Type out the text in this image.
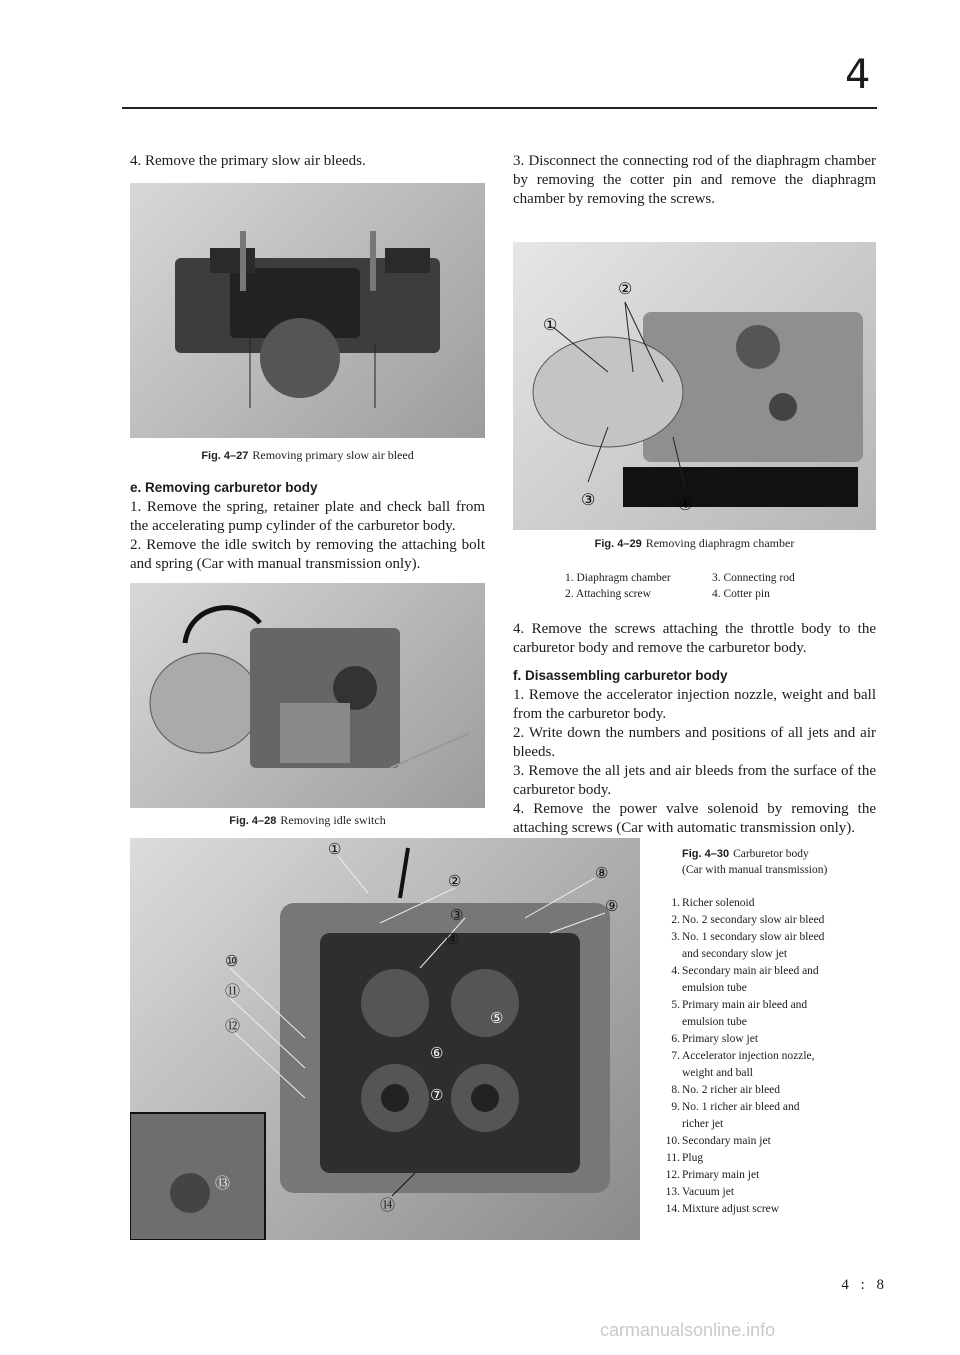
4
4. Remove the primary slow air bleeds.
Fig. 4–27 Removing primary slow air bleed
e. Removing carburetor body
1. Remove the spring, retainer plate and check ball from the accelerating pump cylinder of the carburetor body.
2. Remove the idle switch by removing the attaching bolt and spring (Car with manual transmission only).
Fig. 4–28 Removing idle switch
3. Disconnect the connecting rod of the diaphragm chamber by removing the cotter pin and remove the diaphragm chamber by removing the screws.
①
②
③	④
Fig. 4–29 Removing diaphragm chamber
1. Diaphragm chamber
2. Attaching screw
3. Connecting rod
4. Cotter pin
4. Remove the screws attaching the throttle body to the carburetor body and remove the carburetor body.
f. Disassembling carburetor body
1. Remove the accelerator injection nozzle, weight and ball from the carburetor body.
2. Write down the numbers and positions of all jets and air bleeds.
3. Remove the all jets and air bleeds from the surface of the carburetor body.
4. Remove the power valve solenoid by removing the attaching screws (Car with automatic transmission only).
①
②
③
④
⑤
⑥
⑦
⑧
⑨
⑩
⑪
⑫
⑬
⑭
Fig. 4–30 Carburetor body
(Car with manual transmission)
1. Richer solenoid
2. No. 2 secondary slow air bleed
3. No. 1 secondary slow air bleed
and secondary slow jet
4. Secondary main air bleed and
emulsion tube
5. Primary main air bleed and
emulsion tube
6. Primary slow jet
7. Accelerator injection nozzle,
weight and ball
8. No. 2 richer air bleed
9. No. 1 richer air bleed and
richer jet
10. Secondary main jet
11. Plug
12. Primary main jet
13. Vacuum jet
14. Mixture adjust screw
4 : 8
carmanualsonline.info
